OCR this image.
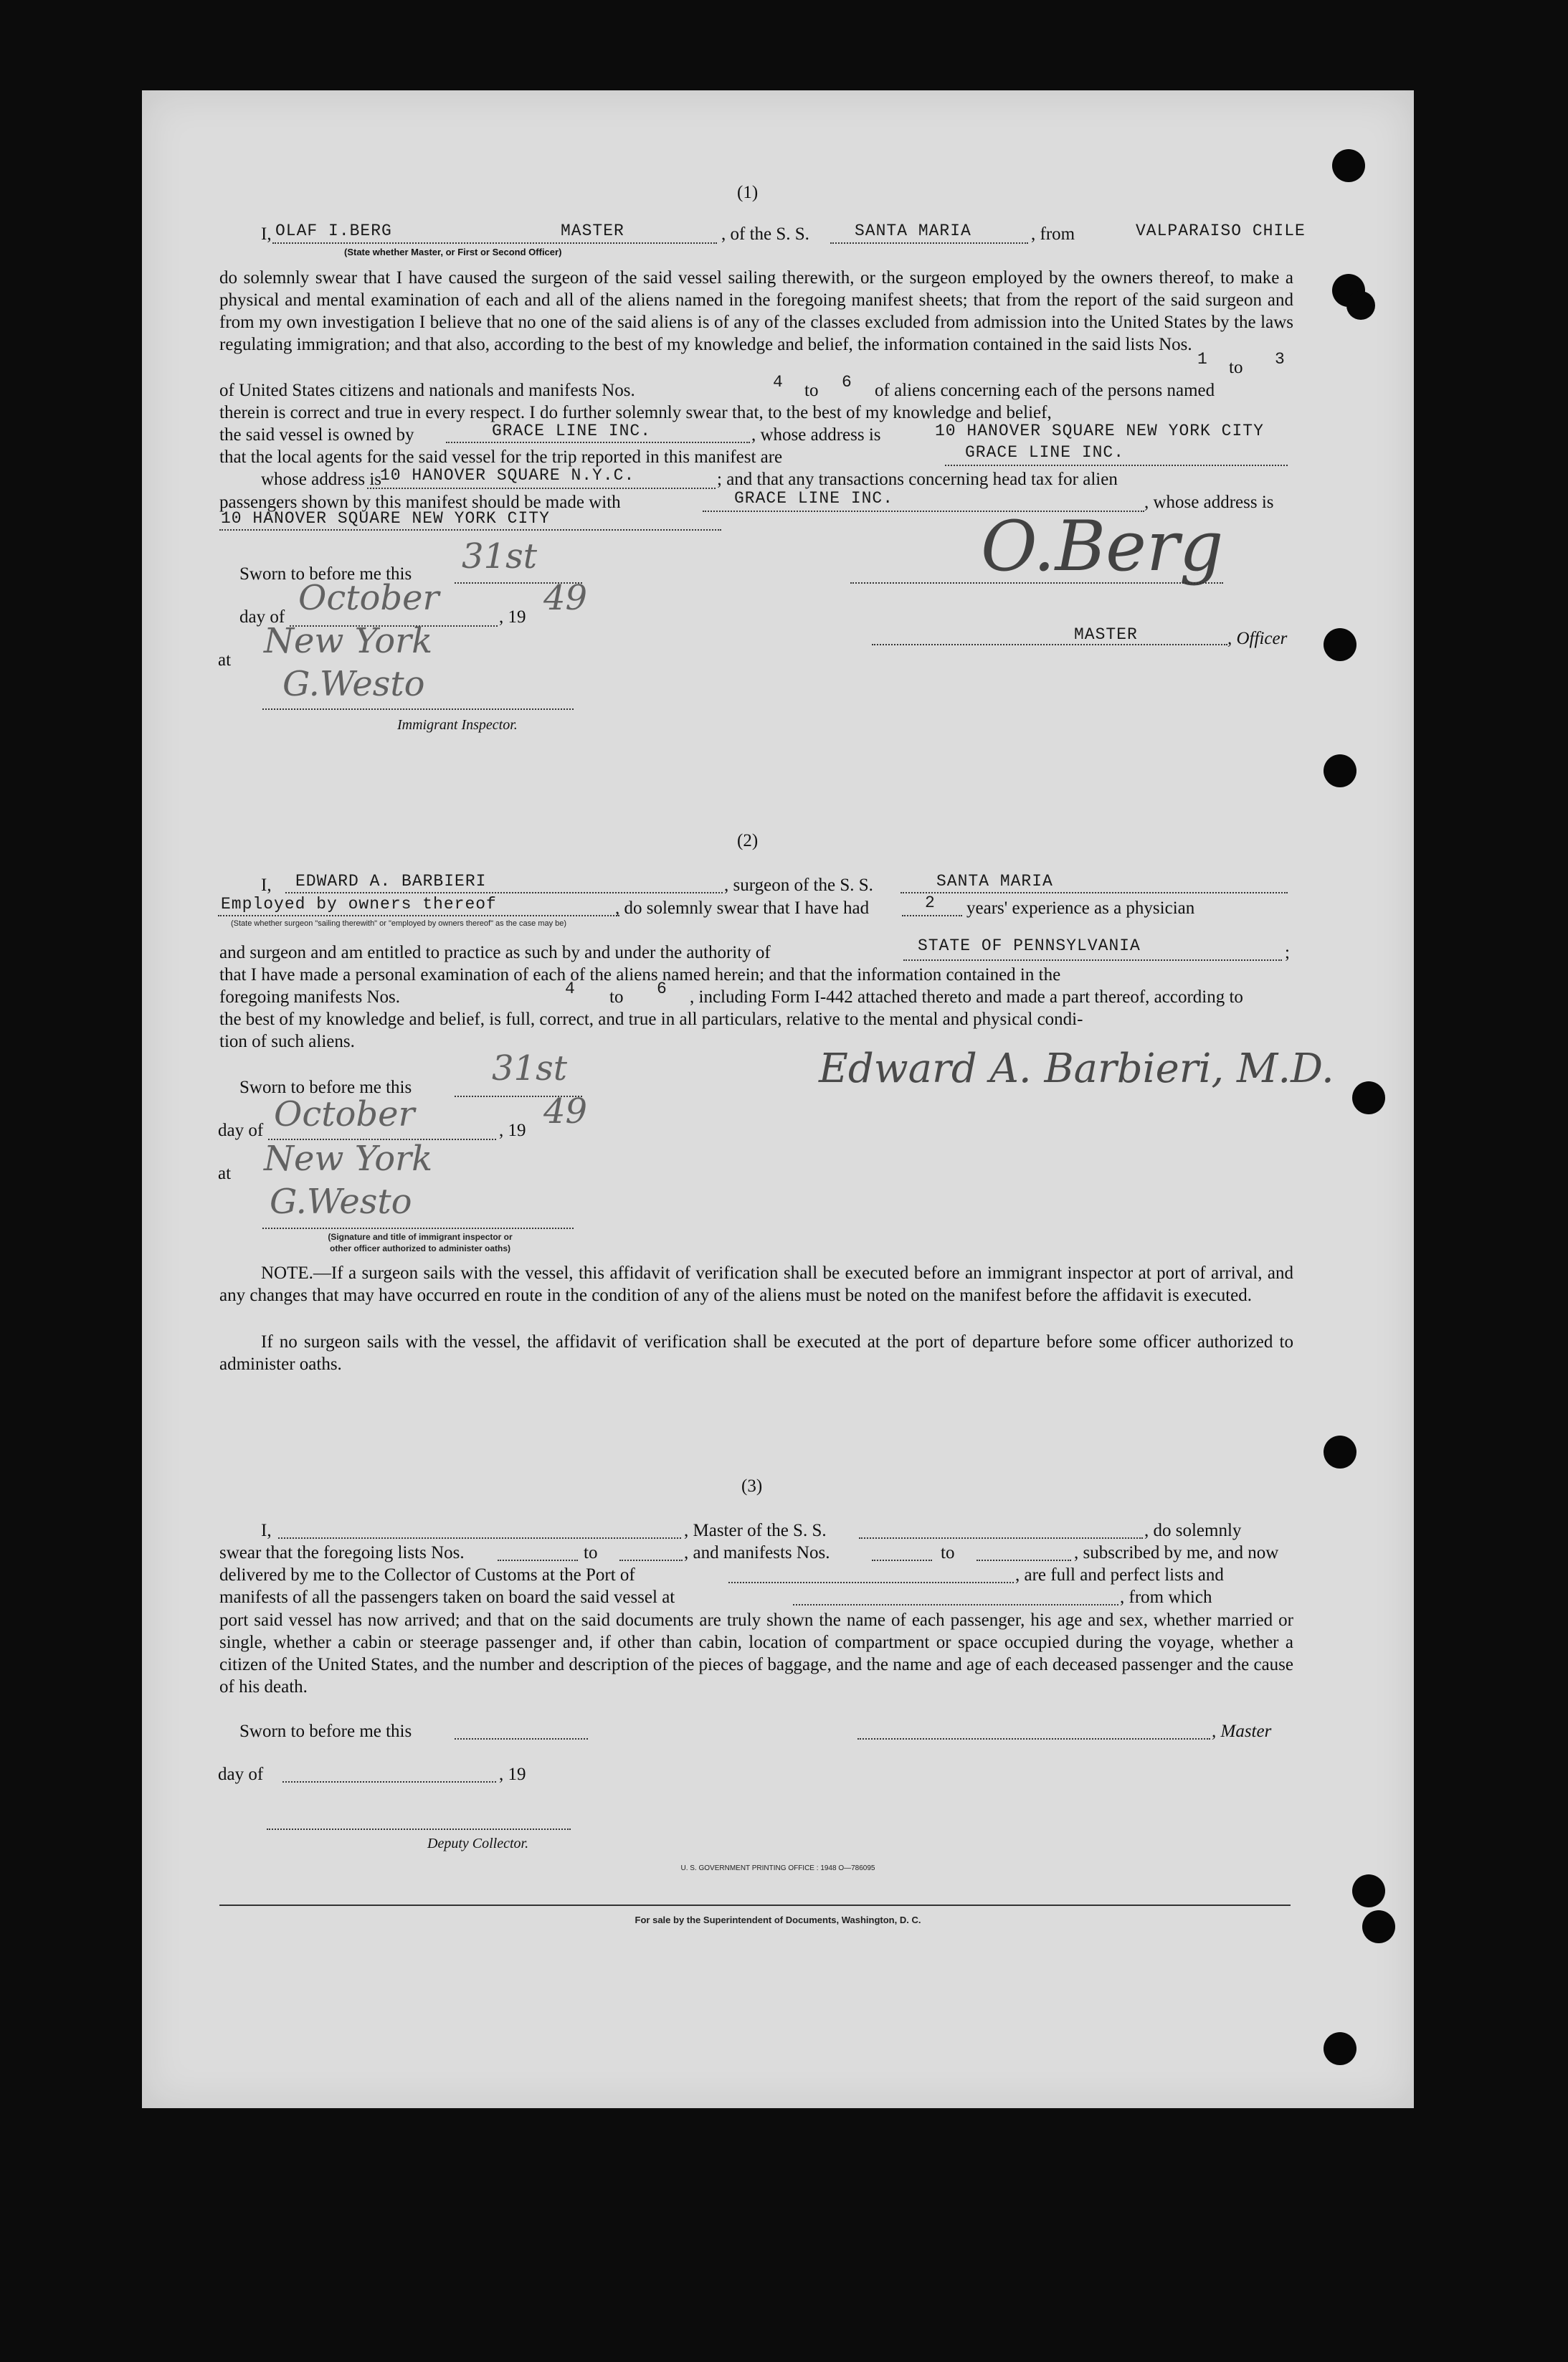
(1)
I, OLAF I.BERG	MASTER
(State whether Master, or First or Second Officer)
, of the S. S.	SANTA MARIA	, from	VALPARAISO CHILE
do solemnly swear that I have caused the surgeon of the said vessel sailing therewith, or the surgeon employed by the owners thereof, to make a physical and mental examination of each and all of the aliens named in the foregoing manifest sheets; that from the report of the said surgeon and from my own investigation I believe that no one of the said aliens is of any of the classes excluded from admission into the United States by the laws regulating immigration; and that also, according to the best of my knowledge and belief, the information contained in the said lists Nos.
1 to 3
of United States citizens and nationals and manifests Nos.	4 to 6 of aliens concerning each of the persons named
therein is correct and true in every respect. I do further solemnly swear that, to the best of my knowledge and belief,
the said vessel is owned by	GRACE LINE INC.	, whose address is	10 HANOVER SQUARE NEW YORK CITY
that the local agents for the said vessel for the trip reported in this manifest are	GRACE LINE INC.
whose address is
10 HANOVER SQUARE N.Y.C.	; and that any transactions concerning head tax for alien
passengers shown by this manifest should be made with	GRACE LINE INC.	, whose address is
10 HANOVER SQUARE NEW YORK CITY
Sworn to before me this 31st
day of October	, 19 49
at New York
G.Westo
Immigrant Inspector.
O.Berg
MASTER	, Officer
(2)
I, EDWARD A. BARBIERI	, surgeon of the S. S.	SANTA MARIA
Employed by owners thereof
(State whether surgeon "sailing therewith" or "employed by owners thereof" as the case may be)
, do solemnly swear that I have had	2 years' experience as a physician
and surgeon and am entitled to practice as such by and under the authority of	STATE OF PENNSYLVANIA	;
that I have made a personal examination of each of the aliens named herein; and that the information contained in the
foregoing manifests Nos.	4 to 6 , including Form I-442 attached thereto and made a part thereof, according to
the best of my knowledge and belief, is full, correct, and true in all particulars, relative to the mental and physical condi-
tion of such aliens.
Sworn to before me this 31st
day of October	, 19 49
at New York
G.Westo
(Signature and title of immigrant inspector or
other officer authorized to administer oaths)
Edward A. Barbieri, M.D.
NOTE.—If a surgeon sails with the vessel, this affidavit of verification shall be executed before an immigrant inspector at port of arrival, and any changes that may have occurred en route in the condition of any of the aliens must be noted on the manifest before the affidavit is executed.
If no surgeon sails with the vessel, the affidavit of verification shall be executed at the port of departure before some officer authorized to administer oaths.
(3)
I,	, Master of the S. S.	, do solemnly
swear that the foregoing lists Nos.	to	, and manifests Nos.	to	, subscribed by me, and now
delivered by me to the Collector of Customs at the Port of	, are full and perfect lists and
manifests of all the passengers taken on board the said vessel at	, from which
port said vessel has now arrived; and that on the said documents are truly shown the name of each passenger, his age and sex, whether married or single, whether a cabin or steerage passenger and, if other than cabin, location of compartment or space occupied during the voyage, whether a citizen of the United States, and the number and description of the pieces of baggage, and the name and age of each deceased passenger and the cause of his death.
Sworn to before me this	, Master
day of	, 19
Deputy Collector.
U. S. GOVERNMENT PRINTING OFFICE : 1948 O—786095
For sale by the Superintendent of Documents, Washington, D. C.
